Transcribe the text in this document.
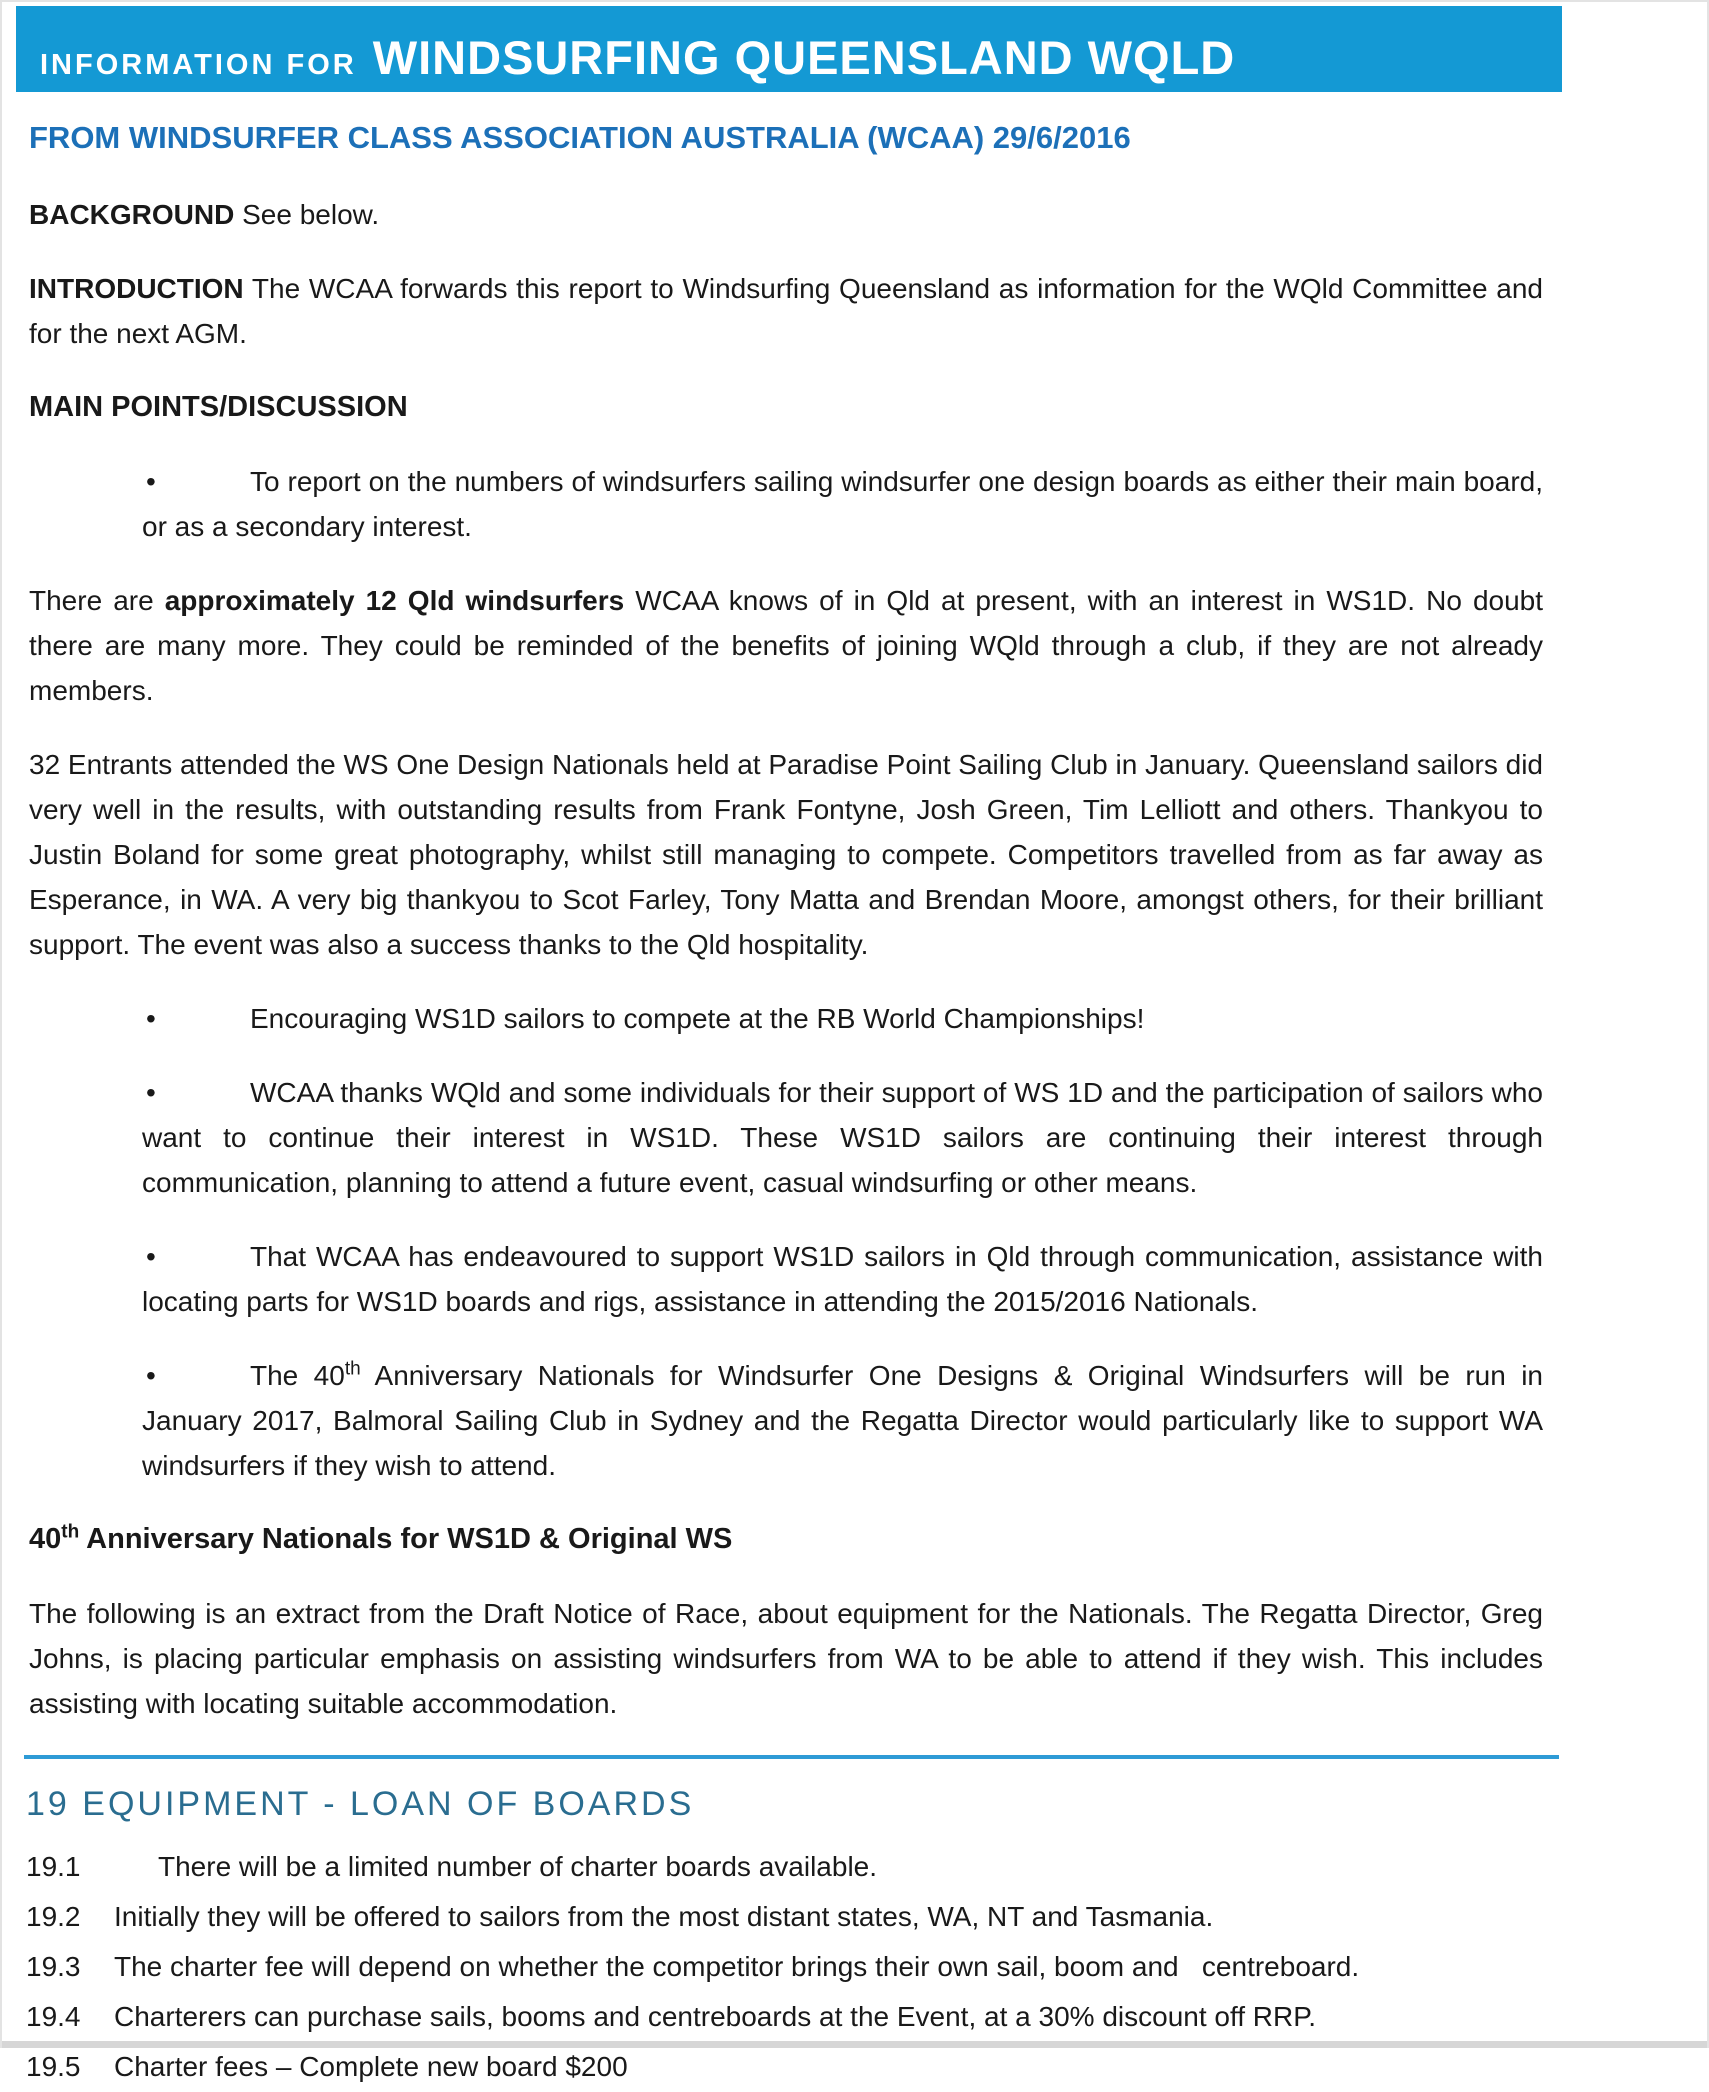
INFORMATION FOR WINDSURFING QUEENSLAND WQLD
FROM WINDSURFER CLASS ASSOCIATION AUSTRALIA (WCAA) 29/6/2016
BACKGROUND See below.
INTRODUCTION The WCAA forwards this report to Windsurfing Queensland as information for the WQld Committee and for the next AGM.
MAIN POINTS/DISCUSSION
•	To report on the numbers of windsurfers sailing windsurfer one design boards as either their main board, or as a secondary interest.
There are approximately 12 Qld windsurfers WCAA knows of in Qld at present, with an interest in WS1D. No doubt there are many more. They could be reminded of the benefits of joining WQld through a club, if they are not already members.
32 Entrants attended the WS One Design Nationals held at Paradise Point Sailing Club in January. Queensland sailors did very well in the results, with outstanding results from Frank Fontyne, Josh Green, Tim Lelliott and others. Thankyou to Justin Boland for some great photography, whilst still managing to compete. Competitors travelled from as far away as Esperance, in WA. A very big thankyou to Scot Farley, Tony Matta and Brendan Moore, amongst others, for their brilliant support. The event was also a success thanks to the Qld hospitality.
•	Encouraging WS1D sailors to compete at the RB World Championships!
•	WCAA thanks WQld and some individuals for their support of WS 1D and the participation of sailors who want to continue their interest in WS1D. These WS1D sailors are continuing their interest through communication, planning to attend a future event, casual windsurfing or other means.
•	That WCAA has endeavoured to support WS1D sailors in Qld through communication, assistance with locating parts for WS1D boards and rigs, assistance in attending the 2015/2016 Nationals.
•	The 40th Anniversary Nationals for Windsurfer One Designs & Original Windsurfers will be run in January 2017, Balmoral Sailing Club in Sydney and the Regatta Director would particularly like to support WA windsurfers if they wish to attend.
40th Anniversary Nationals for WS1D & Original WS
The following is an extract from the Draft Notice of Race, about equipment for the Nationals. The Regatta Director, Greg Johns, is placing particular emphasis on assisting windsurfers from WA to be able to attend if they wish. This includes assisting with locating suitable accommodation.
19 EQUIPMENT - LOAN OF BOARDS
19.1	There will be a limited number of charter boards available.
19.2	Initially they will be offered to sailors from the most distant states, WA, NT and Tasmania.
19.3	The charter fee will depend on whether the competitor brings their own sail, boom and   centreboard.
19.4	Charterers can purchase sails, booms and centreboards at the Event, at a 30% discount off RRP.
19.5	Charter fees – Complete new board $200
